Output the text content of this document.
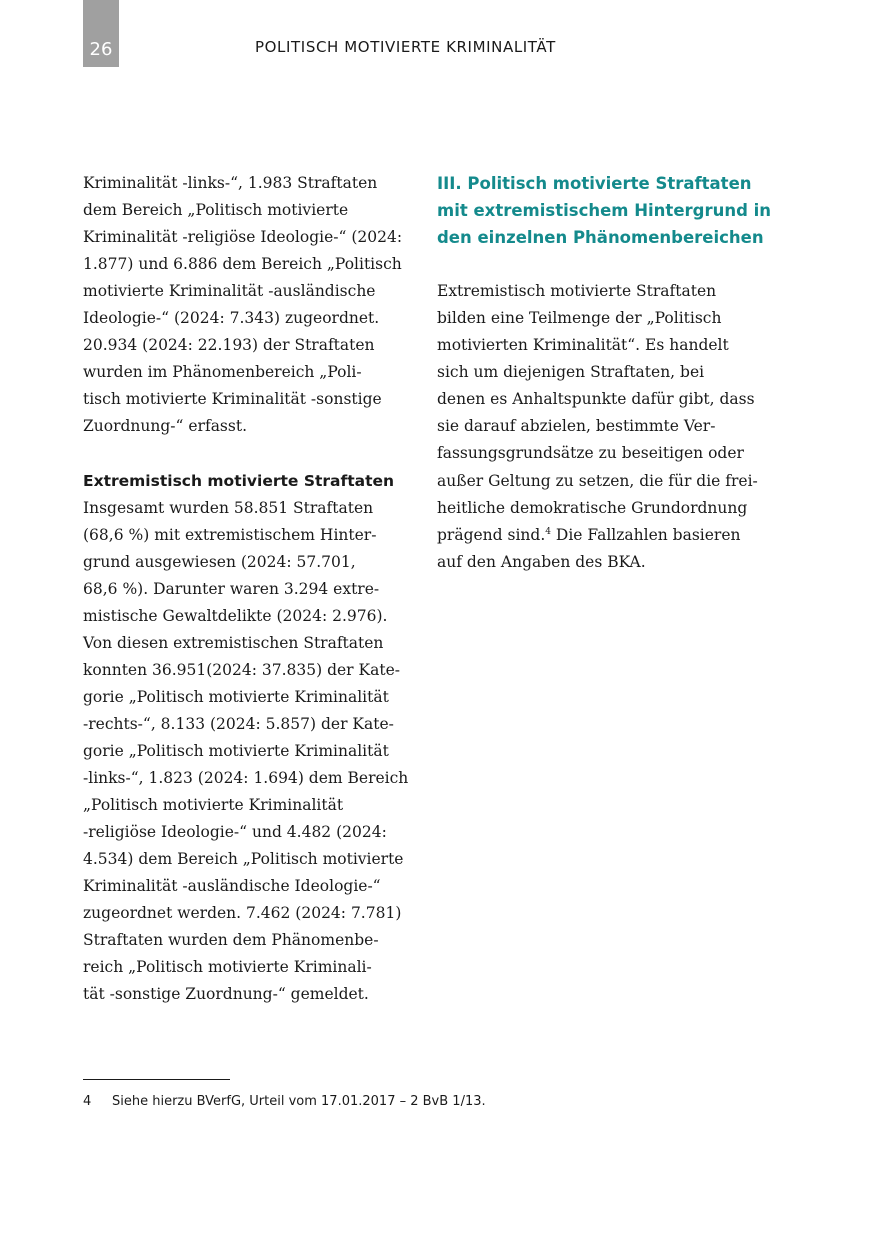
26	POLITISCH MOTIVIERTE KRIMINALITÄT
Kriminalität -links-“, 1.983 Straftaten
dem Bereich „Politisch motivierte
Kriminalität -religiöse Ideologie-“ (2024:
1.877) und 6.886 dem Bereich „Politisch
motivierte Kriminalität -ausländische
Ideologie-“ (2024: 7.343) zugeordnet.
20.934 (2024: 22.193) der Straftaten
wurden im Phänomenbereich „Poli-
tisch motivierte Kriminalität -sonstige
Zuordnung-“ erfasst.
Extremistisch motivierte Straftaten
Insgesamt wurden 58.851 Straftaten
(68,6 %) mit extremistischem Hinter-
grund ausgewiesen (2024: 57.701,
68,6 %). Darunter waren 3.294 extre-
mistische Gewaltdelikte (2024: 2.976).
Von diesen extremistischen Straftaten
konnten 36.951(2024: 37.835) der Kate-
gorie „Politisch motivierte Kriminalität
-rechts-“, 8.133 (2024: 5.857) der Kate-
gorie „Politisch motivierte Kriminalität
-links-“, 1.823 (2024: 1.694) dem Bereich
„Politisch motivierte Kriminalität
-religiöse Ideologie-“ und 4.482 (2024:
4.534) dem Bereich „Politisch motivierte
Kriminalität -ausländische Ideologie-“
zugeordnet werden. 7.462 (2024: 7.781)
Straftaten wurden dem Phänomenbe-
reich „Politisch motivierte Kriminali-
tät -sonstige Zuordnung-“ gemeldet.
III. Politisch motivierte Straftaten
mit extremistischem Hintergrund in
den einzelnen Phänomenbereichen
Extremistisch motivierte Straftaten
bilden eine Teilmenge der „Politisch
motivierten Kriminalität“. Es handelt
sich um diejenigen Straftaten, bei
denen es Anhaltspunkte dafür gibt, dass
sie darauf abzielen, bestimmte Ver-
fassungsgrundsätze zu beseitigen oder
außer Geltung zu setzen, die für die frei-
heitliche demokratische Grundordnung
prägend sind.$^4$ Die Fallzahlen basieren
auf den Angaben des BKA.
4 Siehe hierzu BVerfG, Urteil vom 17.01.2017 – 2 BvB 1/13.
